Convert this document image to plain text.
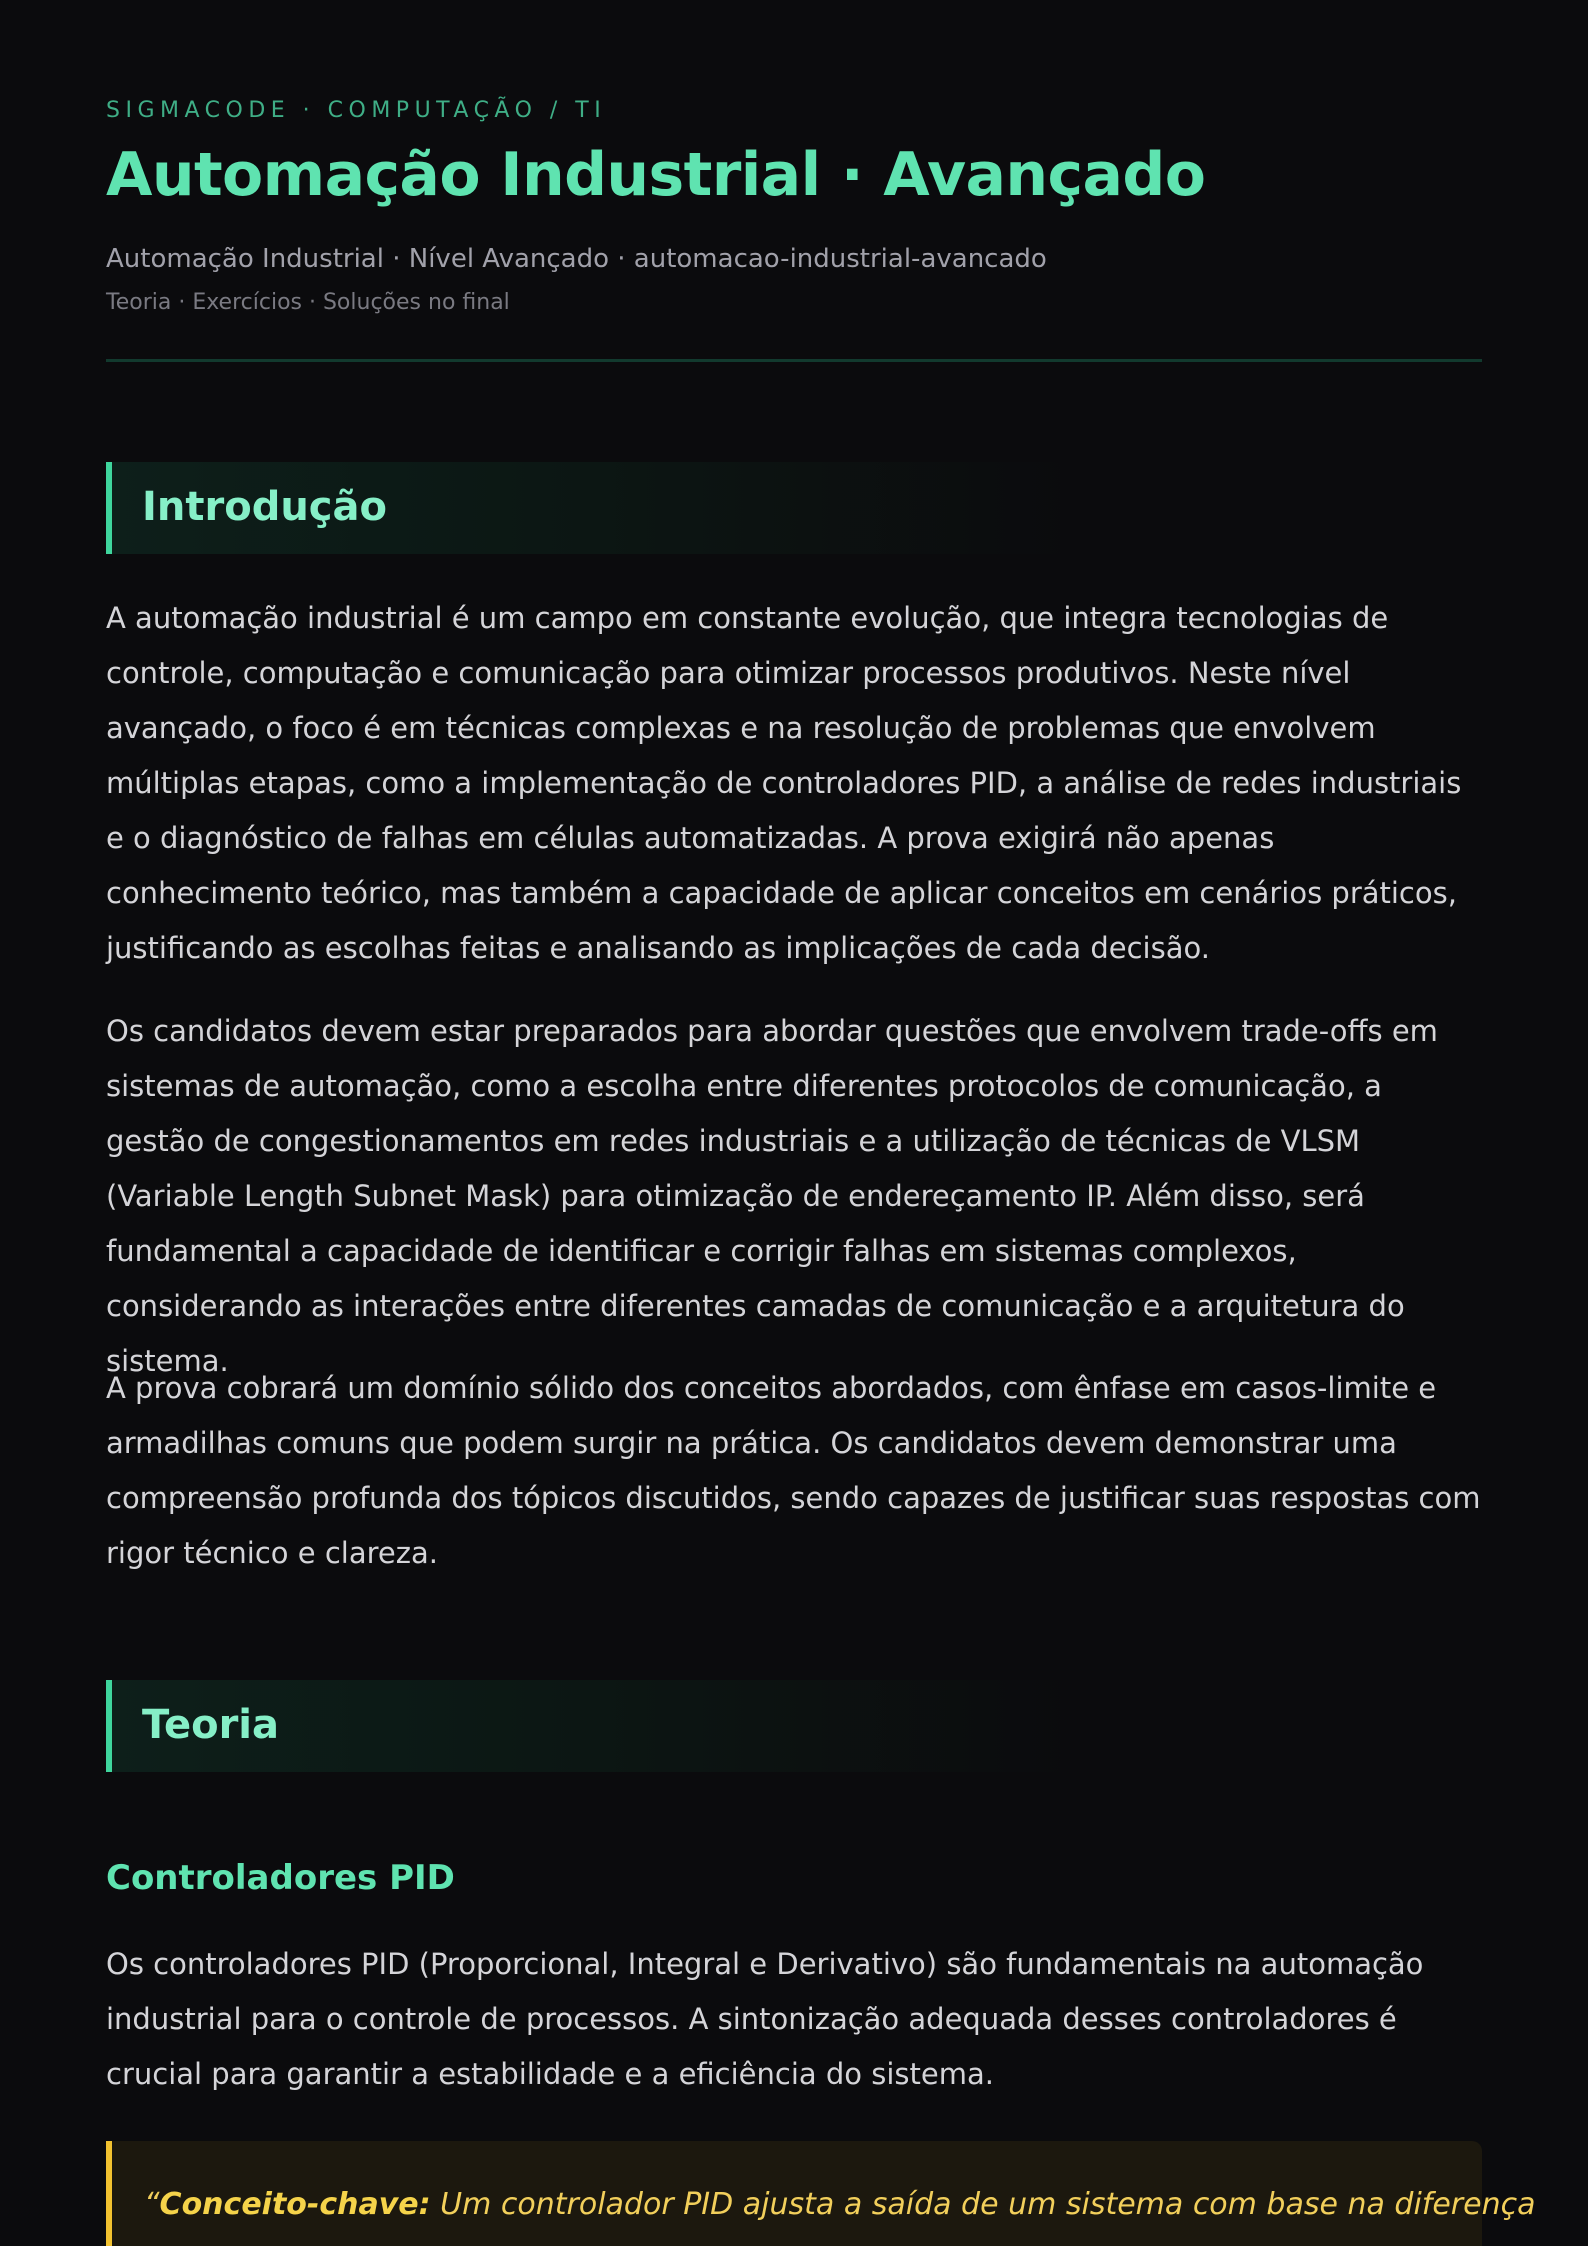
SIGMACODE · COMPUTAÇÃO / TI
Automação Industrial · Avançado
Automação Industrial · Nível Avançado · automacao-industrial-avancado
Teoria · Exercícios · Soluções no final
Introdução

A automação industrial é um campo em constante evolução, que integra tecnologias de controle, computação e comunicação para otimizar processos produtivos. Neste nível avançado, o foco é em técnicas complexas e na resolução de problemas que envolvem múltiplas etapas, como a implementação de controladores PID, a análise de redes industriais e o diagnóstico de falhas em células automatizadas. A prova exigirá não apenas conhecimento teórico, mas também a capacidade de aplicar conceitos em cenários práticos, justificando as escolhas feitas e analisando as implicações de cada decisão.

Os candidatos devem estar preparados para abordar questões que envolvem trade-offs em sistemas de automação, como a escolha entre diferentes protocolos de comunicação, a gestão de congestionamentos em redes industriais e a utilização de técnicas de VLSM (Variable Length Subnet Mask) para otimização de endereçamento IP. Além disso, será fundamental a capacidade de identificar e corrigir falhas em sistemas complexos, considerando as interações entre diferentes camadas de comunicação e a arquitetura do sistema.

A prova cobrará um domínio sólido dos conceitos abordados, com ênfase em casos-limite e armadilhas comuns que podem surgir na prática. Os candidatos devem demonstrar uma compreensão profunda dos tópicos discutidos, sendo capazes de justificar suas respostas com rigor técnico e clareza.

Teoria
Controladores PID

Os controladores PID (Proporcional, Integral e Derivativo) são fundamentais na automação industrial para o controle de processos. A sintonização adequada desses controladores é crucial para garantir a estabilidade e a eficiência do sistema.

“Conceito-chave: Um controlador PID ajusta a saída de um sistema com base na diferença
